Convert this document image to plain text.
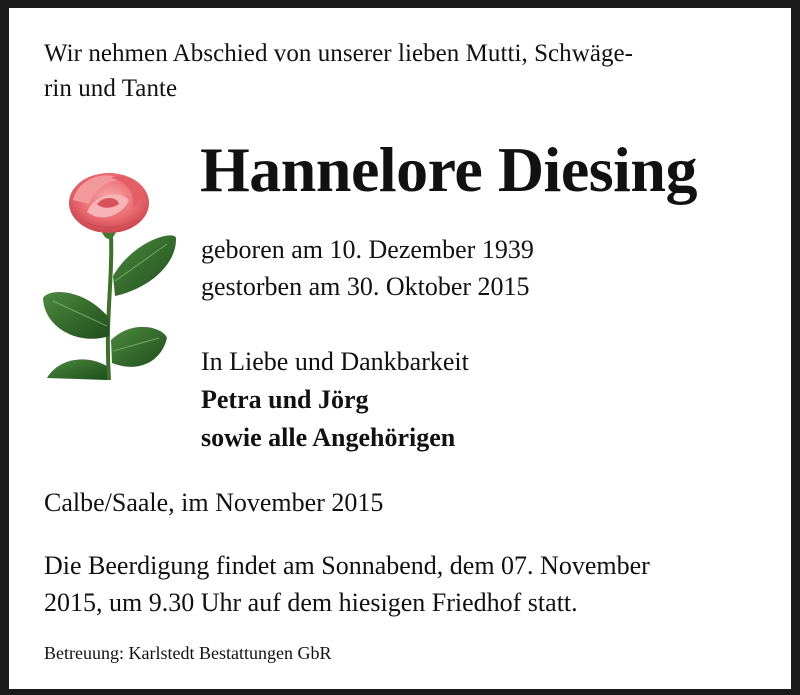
Wir nehmen Abschied von unserer lieben Mutti, Schwäge-
rin und Tante
Hannelore Diesing
geboren am 10. Dezember 1939
gestorben am 30. Oktober 2015
In Liebe und Dankbarkeit
Petra und Jörg
sowie alle Angehörigen
Calbe/Saale, im November 2015
Die Beerdigung findet am Sonnabend, dem 07. November
2015, um 9.30 Uhr auf dem hiesigen Friedhof statt.
Betreuung: Karlstedt Bestattungen GbR
